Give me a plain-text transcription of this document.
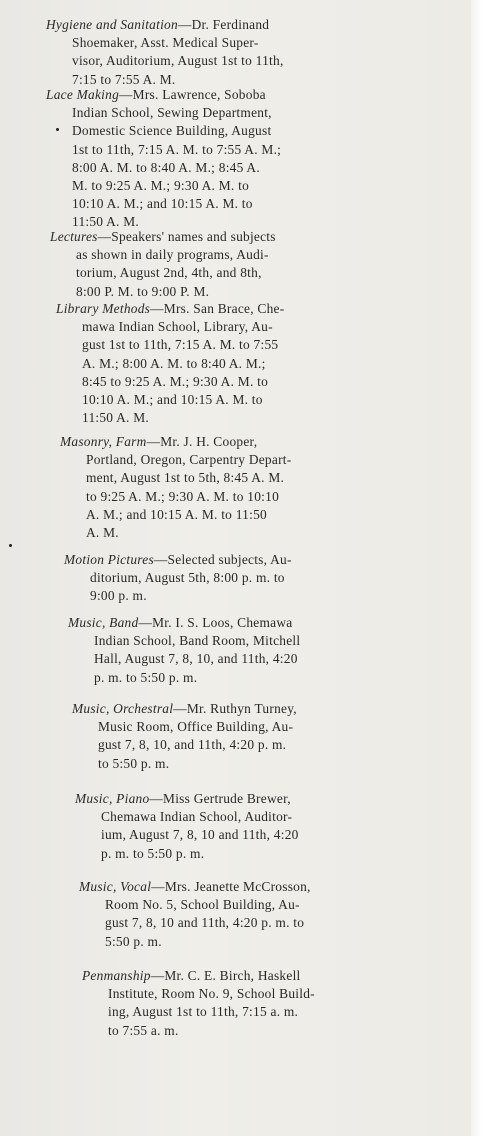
Hygiene and Sanitation—Dr. Ferdinand
Shoemaker, Asst. Medical Super-
visor, Auditorium, August 1st to 11th,
7:15 to 7:55 A. M.
Lace Making—Mrs. Lawrence, Soboba
Indian School, Sewing Department,
Domestic Science Building, August
1st to 11th, 7:15 A. M. to 7:55 A. M.;
8:00 A. M. to 8:40 A. M.; 8:45 A.
M. to 9:25 A. M.; 9:30 A. M. to
10:10 A. M.; and 10:15 A. M. to
11:50 A. M.
Lectures—Speakers' names and subjects
as shown in daily programs, Audi-
torium, August 2nd, 4th, and 8th,
8:00 P. M. to 9:00 P. M.
Library Methods—Mrs. San Brace, Che-
mawa Indian School, Library, Au-
gust 1st to 11th, 7:15 A. M. to 7:55
A. M.; 8:00 A. M. to 8:40 A. M.;
8:45 to 9:25 A. M.; 9:30 A. M. to
10:10 A. M.; and 10:15 A. M. to
11:50 A. M.
Masonry, Farm—Mr. J. H. Cooper,
Portland, Oregon, Carpentry Depart-
ment, August 1st to 5th, 8:45 A. M.
to 9:25 A. M.; 9:30 A. M. to 10:10
A. M.; and 10:15 A. M. to 11:50
A. M.
Motion Pictures—Selected subjects, Au-
ditorium, August 5th, 8:00 p. m. to
9:00 p. m.
Music, Band—Mr. I. S. Loos, Chemawa
Indian School, Band Room, Mitchell
Hall, August 7, 8, 10, and 11th, 4:20
p. m. to 5:50 p. m.
Music, Orchestral—Mr. Ruthyn Turney,
Music Room, Office Building, Au-
gust 7, 8, 10, and 11th, 4:20 p. m.
to 5:50 p. m.
Music, Piano—Miss Gertrude Brewer,
Chemawa Indian School, Auditor-
ium, August 7, 8, 10 and 11th, 4:20
p. m. to 5:50 p. m.
Music, Vocal—Mrs. Jeanette McCrosson,
Room No. 5, School Building, Au-
gust 7, 8, 10 and 11th, 4:20 p. m. to
5:50 p. m.
Penmanship—Mr. C. E. Birch, Haskell
Institute, Room No. 9, School Build-
ing, August 1st to 11th, 7:15 a. m.
to 7:55 a. m.
